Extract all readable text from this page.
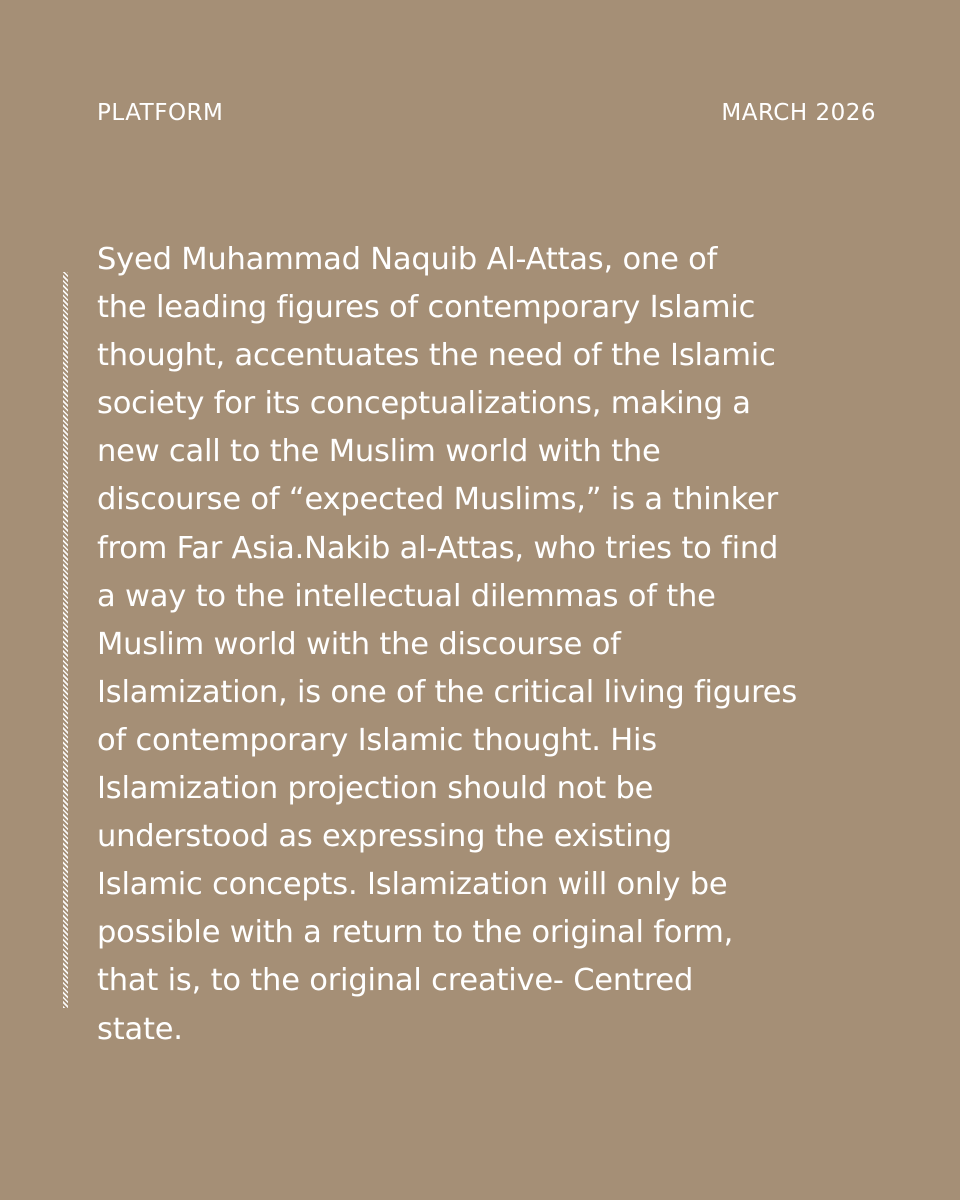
PLATFORM	MARCH 2026
Syed Muhammad Naquib Al-Attas, one of
the leading figures of contemporary Islamic
thought, accentuates the need of the Islamic
society for its conceptualizations, making a
new call to the Muslim world with the
discourse of “expected Muslims,” is a thinker
from Far Asia.Nakib al-Attas, who tries to find
a way to the intellectual dilemmas of the
Muslim world with the discourse of
Islamization, is one of the critical living figures
of contemporary Islamic thought. His
Islamization projection should not be
understood as expressing the existing
Islamic concepts. Islamization will only be
possible with a return to the original form,
that is, to the original creative- Centred
state.
